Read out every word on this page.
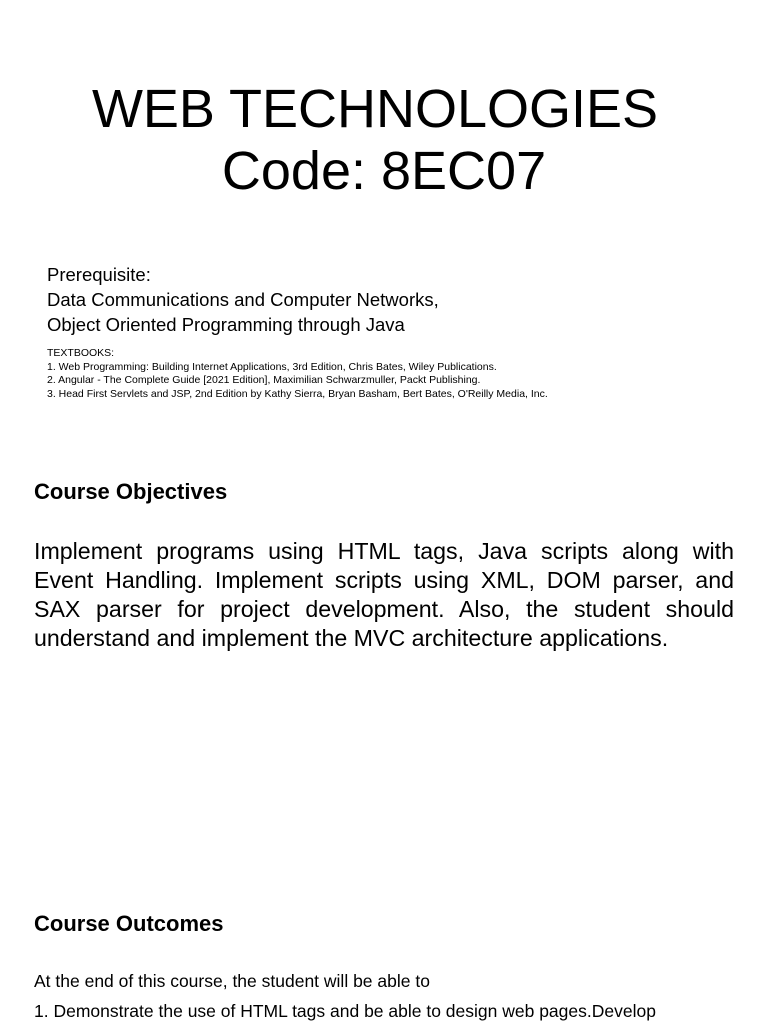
WEB TECHNOLOGIES
Code: 8EC07
Prerequisite:
Data Communications and Computer Networks,
Object Oriented Programming through Java
TEXTBOOKS:
1. Web Programming: Building Internet Applications, 3rd Edition, Chris Bates, Wiley Publications.
2. Angular - The Complete Guide [2021 Edition], Maximilian Schwarzmuller, Packt Publishing.
3. Head First Servlets and JSP, 2nd Edition by Kathy Sierra, Bryan Basham, Bert Bates, O'Reilly Media, Inc.
Course Objectives
Implement programs using HTML tags, Java scripts along with Event Handling. Implement scripts using XML, DOM parser, and SAX parser for project development. Also, the student should understand and implement the MVC architecture applications.
Course Outcomes
At the end of this course, the student will be able to
1. Demonstrate the use of HTML tags and be able to design web pages.Develop
